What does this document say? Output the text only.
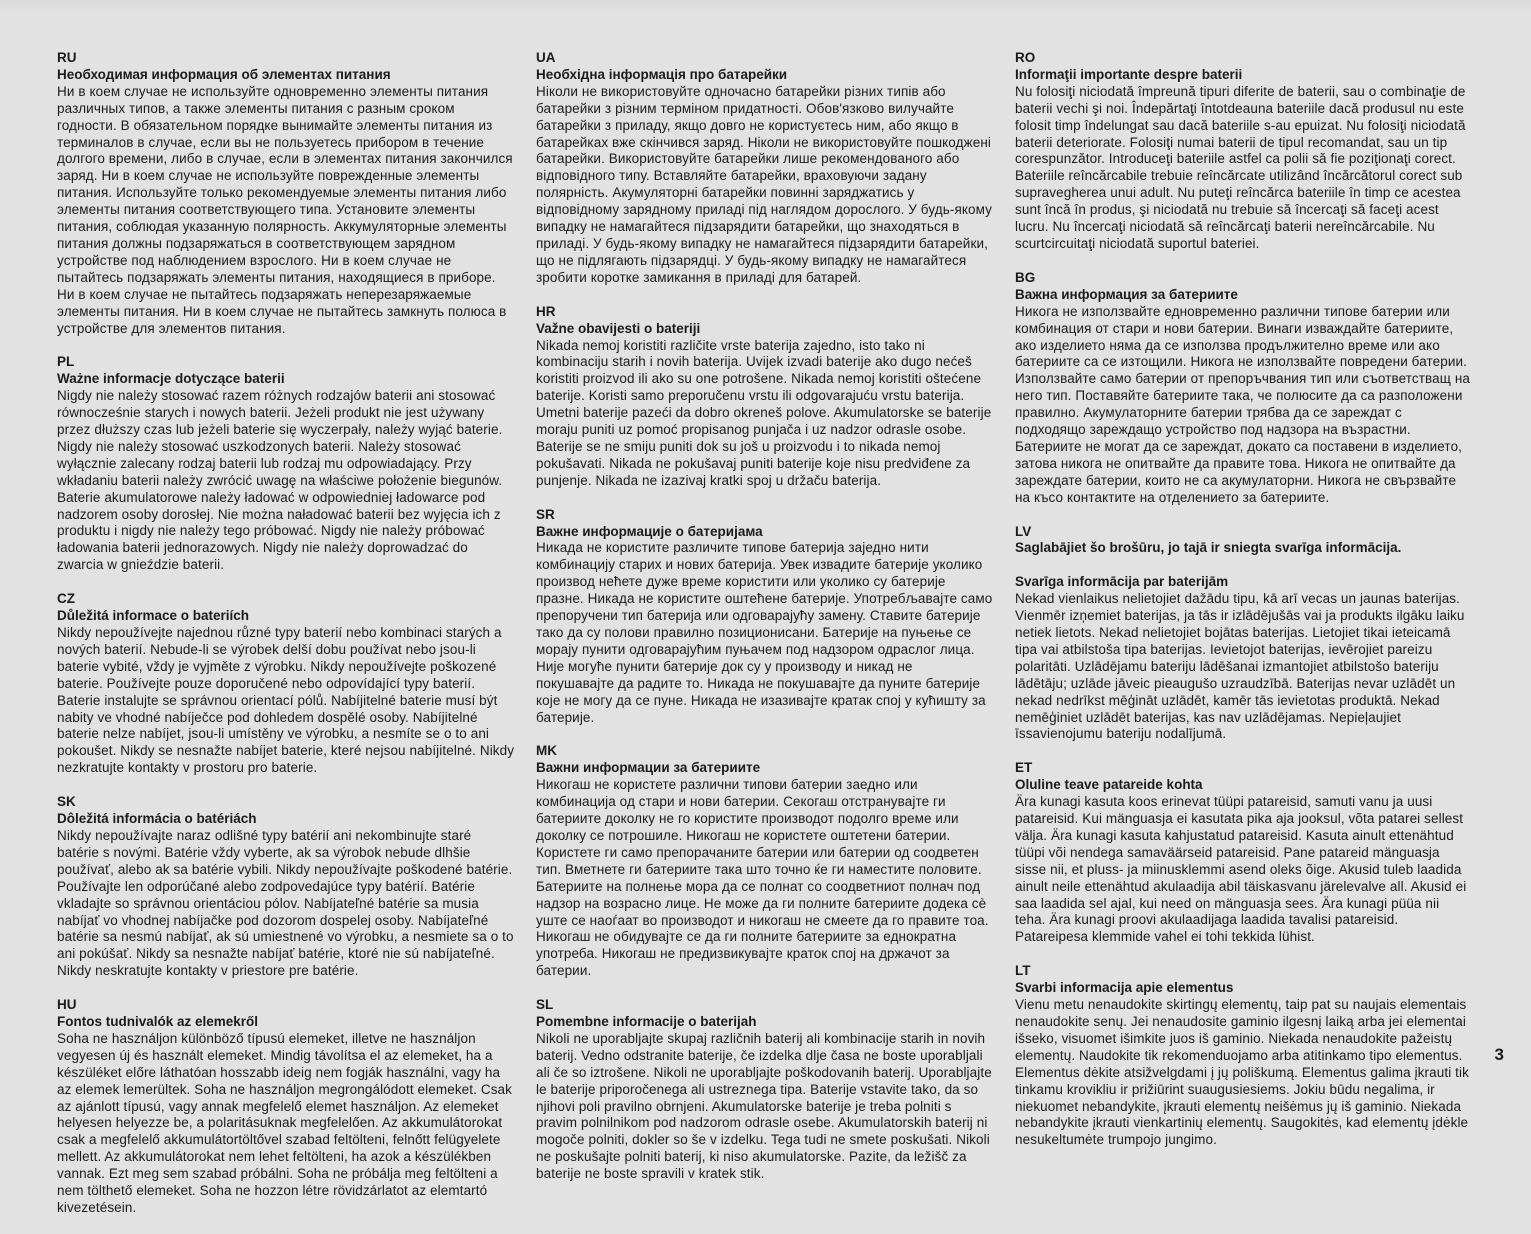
RU
Необходимая информация об элементах питания

Ни в коем случае не используйте одновременно элементы питания различных типов, а также элементы питания с разным сроком годности. В обязательном порядке вынимайте элементы питания из терминалов в случае, если вы не пользуетесь прибором в течение долгого времени, либо в случае, если в элементах питания закончился заряд. Ни в коем случае не используйте поврежденные элементы питания. Используйте только рекомендуемые элементы питания либо элементы питания соответствующего типа. Установите элементы питания, соблюдая указанную полярность. Аккумуляторные элементы питания должны подзаряжаться в соответствующем зарядном устройстве под наблюдением взрослого. Ни в коем случае не пытайтесь подзаряжать элементы питания, находящиеся в приборе. Ни в коем случае не пытайтесь подзаряжать неперезаряжаемые элементы питания. Ни в коем случае не пытайтесь замкнуть полюса в устройстве для элементов питания.

PL
Ważne informacje dotyczące baterii

Nigdy nie należy stosować razem różnych rodzajów baterii ani stosować równocześnie starych i nowych baterii. Jeżeli produkt nie jest używany przez dłuższy czas lub jeżeli baterie się wyczerpały, należy wyjąć baterie. Nigdy nie należy stosować uszkodzonych baterii. Należy stosować wyłącznie zalecany rodzaj baterii lub rodzaj mu odpowiadający. Przy wkładaniu baterii należy zwrócić uwagę na właściwe położenie biegunów. Baterie akumulatorowe należy ładować w odpowiedniej ładowarce pod nadzorem osoby dorosłej. Nie można naładować baterii bez wyjęcia ich z produktu i nigdy nie należy tego próbować. Nigdy nie należy próbować ładowania baterii jednorazowych. Nigdy nie należy doprowadzać do zwarcia w gnieździe baterii.

CZ
Důležitá informace o bateriích

Nikdy nepoužívejte najednou různé typy baterií nebo kombinaci starých a nových baterií. Nebude-li se výrobek delší dobu používat nebo jsou-li baterie vybité, vždy je vyjměte z výrobku. Nikdy nepoužívejte poškozené baterie. Používejte pouze doporučené nebo odpovídající typy baterií. Baterie instalujte se správnou orientací pólů. Nabíjitelné baterie musí být nabity ve vhodné nabíječce pod dohledem dospělé osoby. Nabíjitelné baterie nelze nabíjet, jsou-li umístěny ve výrobku, a nesmíte se o to ani pokoušet. Nikdy se nesnažte nabíjet baterie, které nejsou nabíjitelné. Nikdy nezkratujte kontakty v prostoru pro baterie.

SK
Dôležitá informácia o batériách

Nikdy nepoužívajte naraz odlišné typy batérií ani nekombinujte staré batérie s novými. Batérie vždy vyberte, ak sa výrobok nebude dlhšie používať, alebo ak sa batérie vybili. Nikdy nepoužívajte poškodené batérie. Používajte len odporúčané alebo zodpovedajúce typy batérií. Batérie vkladajte so správnou orientáciou pólov. Nabíjateľné batérie sa musia nabíjať vo vhodnej nabíjačke pod dozorom dospelej osoby. Nabíjateľné batérie sa nesmú nabíjať, ak sú umiestnené vo výrobku, a nesmiete sa o to ani pokúšať. Nikdy sa nesnažte nabíjať batérie, ktoré nie sú nabíjateľné. Nikdy neskratujte kontakty v priestore pre batérie.

HU
Fontos tudnivalók az elemekről

Soha ne használjon különböző típusú elemeket, illetve ne használjon vegyesen új és használt elemeket. Mindig távolítsa el az elemeket, ha a készüléket előre láthatóan hosszabb ideig nem fogják használni, vagy ha az elemek lemerültek. Soha ne használjon megrongálódott elemeket. Csak az ajánlott típusú, vagy annak megfelelő elemet használjon. Az elemeket helyesen helyezze be, a polaritásuknak megfelelően. Az akkumulátorokat csak a megfelelő akkumulátortöltővel szabad feltölteni, felnőtt felügyelete mellett. Az akkumulátorokat nem lehet feltölteni, ha azok a készülékben vannak. Ezt meg sem szabad próbálni. Soha ne próbálja meg feltölteni a nem tölthető elemeket. Soha ne hozzon létre rövidzárlatot az elemtartó kivezetésein.

UA
Необхідна інформація про батарейки

Ніколи не використовуйте одночасно батарейки різних типів або батарейки з різним терміном придатності. Обов'язково вилучайте батарейки з приладу, якщо довго не користуєтесь ним, або якщо в батарейках вже скінчився заряд. Ніколи не використовуйте пошкоджені батарейки. Використовуйте батарейки лише рекомендованого або відповідного типу. Вставляйте батарейки, враховуючи задану полярність. Акумуляторні батарейки повинні заряджатись у відповідному зарядному приладі під наглядом дорослого. У будь-якому випадку не намагайтеся підзарядити батарейки, що знаходяться в приладі. У будь-якому випадку не намагайтеся підзарядити батарейки, що не підлягають підзарядці. У будь-якому випадку не намагайтеся зробити коротке замикання в приладі для батарей.

HR
Važne obavijesti o bateriji

Nikada nemoj koristiti različite vrste baterija zajedno, isto tako ni kombinaciju starih i novih baterija. Uvijek izvadi baterije ako dugo nećeš koristiti proizvod ili ako su one potrošene. Nikada nemoj koristiti oštećene baterije. Koristi samo preporučenu vrstu ili odgovarajuću vrstu baterija. Umetni baterije pazeći da dobro okreneš polove. Akumulatorske se baterije moraju puniti uz pomoć propisanog punjača i uz nadzor odrasle osobe. Baterije se ne smiju puniti dok su još u proizvodu i to nikada nemoj pokušavati. Nikada ne pokušavaj puniti baterije koje nisu predviđene za punjenje. Nikada ne izazivaj kratki spoj u držaču baterija.

SR
Важне информације о батеријама

Никада не користите различите типове батерија заједно нити комбинацију старих и нових батерија. Увек извадите батерије уколико производ нећете дуже време користити или уколико су батерије празне. Никада не користите оштећене батерије. Употребљавајте само препоручени тип батерија или одговарајућу замену. Ставите батерије тако да су полови правилно позиционисани. Батерије на пуњење се морају пунити одговарајућим пуњачем под надзором одраслог лица. Није могуће пунити батерије док су у производу и никад не покушавајте да радите то. Никада не покушавајте да пуните батерије које не могу да се пуне. Никада не изазивајте кратак спој у кућишту за батерије.

MK
Важни информации за батериите

Никогаш не користете различни типови батерии заедно или комбинација од стари и нови батерии. Секогаш отстранувајте ги батериите доколку не го користите производот подолго време или доколку се потрошиле. Никогаш не користете оштетени батерии. Користете ги само препорачаните батерии или батерии од соодветен тип. Вметнете ги батериите така што точно ќе ги наместите половите. Батериите на полнење мора да се полнат со соодветниот полнач под надзор на возрасно лице. Не може да ги полните батериите додека сè уште се наоѓаат во производот и никогаш не смеете да го правите тоа. Никогаш не обидувајте се да ги полните батериите за еднократна употреба. Никогаш не предизвикувајте краток спој на држачот за батерии.

SL
Pomembne informacije o baterijah

Nikoli ne uporabljajte skupaj različnih baterij ali kombinacije starih in novih baterij. Vedno odstranite baterije, če izdelka dlje časa ne boste uporabljali ali če so iztrošene. Nikoli ne uporabljajte poškodovanih baterij. Uporabljajte le baterije priporočenega ali ustreznega tipa. Baterije vstavite tako, da so njihovi poli pravilno obrnjeni. Akumulatorske baterije je treba polniti s pravim polnilnikom pod nadzorom odrasle osebe. Akumulatorskih baterij ni mogoče polniti, dokler so še v izdelku. Tega tudi ne smete poskušati. Nikoli ne poskušajte polniti baterij, ki niso akumulatorske. Pazite, da ležišč za baterije ne boste spravili v kratek stik.

RO
Informaţii importante despre baterii

Nu folosiţi niciodată împreună tipuri diferite de baterii, sau o combinaţie de baterii vechi şi noi. Îndepărtaţi întotdeauna bateriile dacă produsul nu este folosit timp îndelungat sau dacă bateriile s-au epuizat. Nu folosiţi niciodată baterii deteriorate. Folosiţi numai baterii de tipul recomandat, sau un tip corespunzător. Introduceţi bateriile astfel ca polii să fie poziţionaţi corect. Bateriile reîncărcabile trebuie reîncărcate utilizând încărcătorul corect sub supravegherea unui adult. Nu puteţi reîncărca bateriile în timp ce acestea sunt încă în produs, şi niciodată nu trebuie să încercaţi să faceţi acest lucru. Nu încercaţi niciodată să reîncărcaţi baterii nereîncărcabile. Nu scurtcircuitaţi niciodată suportul bateriei.

BG
Важна информация за батериите

Никога не използвайте едновременно различни типове батерии или комбинация от стари и нови батерии. Винаги изваждайте батериите, ако изделието няма да се използва продължително време или ако батериите са се изтощили. Никога не използвайте повредени батерии. Използвайте само батерии от препоръчвания тип или съответстващ на него тип. Поставяйте батериите така, че полюсите да са разположени правилно. Акумулаторните батерии трябва да се зареждат с подходящо зареждащо устройство под надзора на възрастни. Батериите не могат да се зареждат, докато са поставени в изделието, затова никога не опитвайте да правите това. Никога не опитвайте да зареждате батерии, които не са акумулаторни. Никога не свързвайте на късо контактите на отделението за батериите.

LV
Saglabājiet šo brošūru, jo tajā ir sniegta svarīga informācija.
Svarīga informācija par baterijām

Nekad vienlaikus nelietojiet dažādu tipu, kā arī vecas un jaunas baterijas. Vienmēr izņemiet baterijas, ja tās ir izlādējušās vai ja produkts ilgāku laiku netiek lietots. Nekad nelietojiet bojātas baterijas. Lietojiet tikai ieteicamā tipa vai atbilstoša tipa baterijas. Ievietojot baterijas, ievērojiet pareizu polaritāti. Uzlādējamu bateriju lādēšanai izmantojiet atbilstošo bateriju lādētāju; uzlāde jāveic pieaugušo uzraudzībā. Baterijas nevar uzlādēt un nekad nedrīkst mēģināt uzlādēt, kamēr tās ievietotas produktā. Nekad nemēģiniet uzlādēt baterijas, kas nav uzlādējamas. Nepieļaujiet īssavienojumu bateriju nodalījumā.

ET
Oluline teave patareide kohta

Ära kunagi kasuta koos erinevat tüüpi patareisid, samuti vanu ja uusi patareisid. Kui mänguasja ei kasutata pika aja jooksul, võta patarei sellest välja. Ära kunagi kasuta kahjustatud patareisid. Kasuta ainult ettenähtud tüüpi või nendega samaväärseid patareisid. Pane patareid mänguasja sisse nii, et pluss- ja miinusklemmi asend oleks õige. Akusid tuleb laadida ainult neile ettenähtud akulaadija abil täiskasvanu järelevalve all. Akusid ei saa laadida sel ajal, kui need on mänguasja sees. Ära kunagi püüa nii teha. Ära kunagi proovi akulaadijaga laadida tavalisi patareisid. Patareipesa klemmide vahel ei tohi tekkida lühist.

LT
Svarbi informacija apie elementus

Vienu metu nenaudokite skirtingų elementų, taip pat su naujais elementais nenaudokite senų. Jei nenaudosite gaminio ilgesnį laiką arba jei elementai išseko, visuomet išimkite juos iš gaminio. Niekada nenaudokite pažeistų elementų. Naudokite tik rekomenduojamo arba atitinkamo tipo elementus. Elementus dėkite atsižvelgdami į jų poliškumą. Elementus galima įkrauti tik tinkamu krovikliu ir prižiūrint suaugusiesiems. Jokiu būdu negalima, ir niekuomet nebandykite, įkrauti elementų neišėmus jų iš gaminio. Niekada nebandykite įkrauti vienkartinių elementų. Saugokitės, kad elementų įdėkle nesukeltumėte trumpojo jungimo.

3
